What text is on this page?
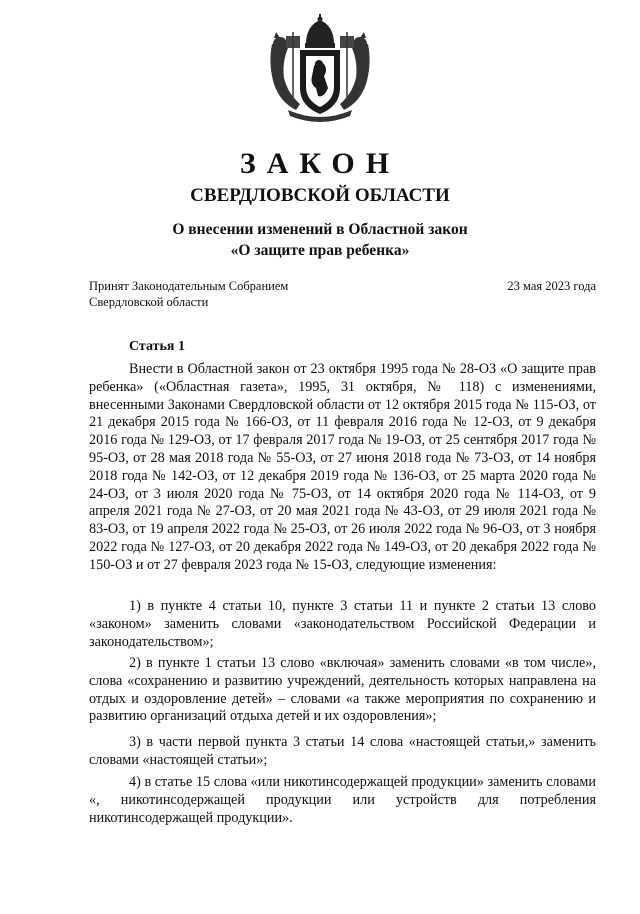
ЗАКОН
СВЕРДЛОВСКОЙ ОБЛАСТИ
О внесении изменений в Областной закон
«О защите прав ребенка»
Принят Законодательным Собранием
Свердловской области
23 мая 2023 года
Статья 1

Внести в Областной закон от 23 октября 1995 года № 28-ОЗ «О защите прав ребенка» («Областная газета», 1995, 31 октября, № 118) с изменениями, внесенными Законами Свердловской области от 12 октября 2015 года № 115-ОЗ, от 21 декабря 2015 года № 166-ОЗ, от 11 февраля 2016 года № 12-ОЗ, от 9 декабря 2016 года № 129-ОЗ, от 17 февраля 2017 года № 19-ОЗ, от 25 сентября 2017 года № 95-ОЗ, от 28 мая 2018 года № 55-ОЗ, от 27 июня 2018 года № 73-ОЗ, от 14 ноября 2018 года № 142-ОЗ, от 12 декабря 2019 года № 136-ОЗ, от 25 марта 2020 года № 24-ОЗ, от 3 июля 2020 года № 75-ОЗ, от 14 октября 2020 года № 114-ОЗ, от 9 апреля 2021 года № 27-ОЗ, от 20 мая 2021 года № 43-ОЗ, от 29 июля 2021 года № 83-ОЗ, от 19 апреля 2022 года № 25-ОЗ, от 26 июля 2022 года № 96-ОЗ, от 3 ноября 2022 года № 127-ОЗ, от 20 декабря 2022 года № 149-ОЗ, от 20 декабря 2022 года № 150-ОЗ и от 27 февраля 2023 года № 15-ОЗ, следующие изменения:

1) в пункте 4 статьи 10, пункте 3 статьи 11 и пункте 2 статьи 13 слово «законом» заменить словами «законодательством Российской Федерации и законодательством»;

2) в пункте 1 статьи 13 слово «включая» заменить словами «в том числе», слова «сохранению и развитию учреждений, деятельность которых направлена на отдых и оздоровление детей» – словами «а также мероприятия по сохранению и развитию организаций отдыха детей и их оздоровления»;

3) в части первой пункта 3 статьи 14 слова «настоящей статьи,» заменить словами «настоящей статьи»;

4) в статье 15 слова «или никотинсодержащей продукции» заменить словами «, никотинсодержащей продукции или устройств для потребления никотинсодержащей продукции».
